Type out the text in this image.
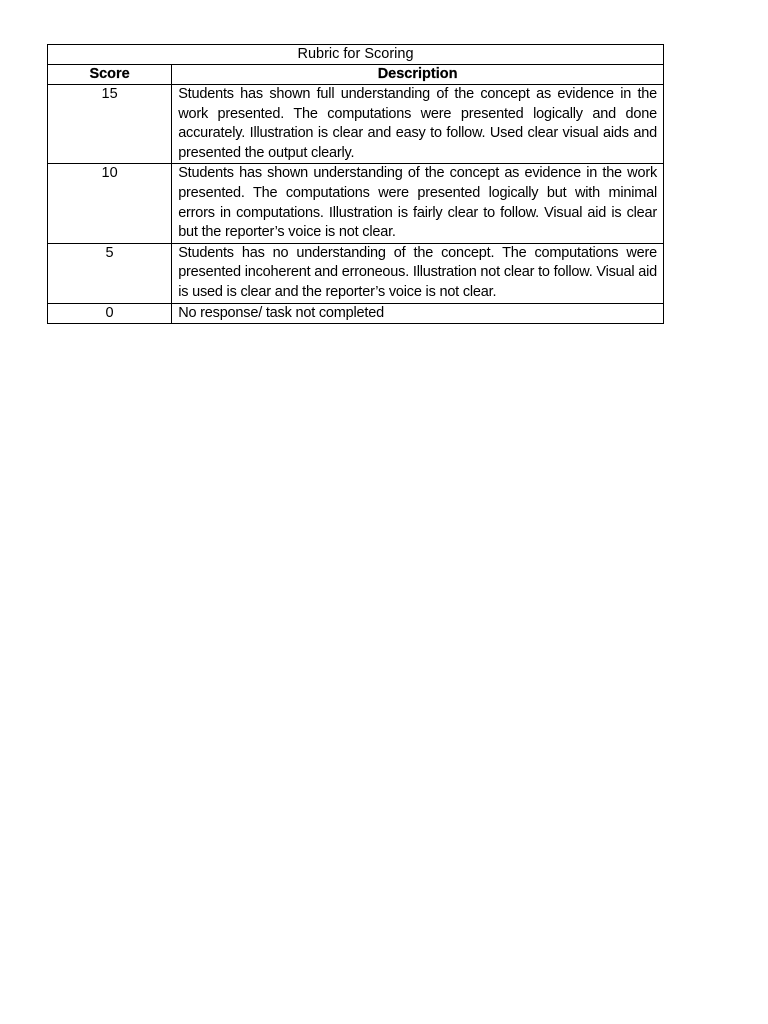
Rubric for Scoring	
Score	Description
15	Students has shown full understanding of the concept as evidence in the work presented. The computations were presented logically and done accurately. Illustration is clear and easy to follow. Used clear visual aids and presented the output clearly.
10	Students has shown understanding of the concept as evidence in the work presented. The computations were presented logically but with minimal errors in computations. Illustration is fairly clear to follow. Visual aid is clear but the reporter’s voice is not clear.
5	Students has no understanding of the concept. The computations were presented incoherent and erroneous. Illustration not clear to follow. Visual aid is used is clear and the reporter’s voice is not clear.
0	No response/ task not completed
